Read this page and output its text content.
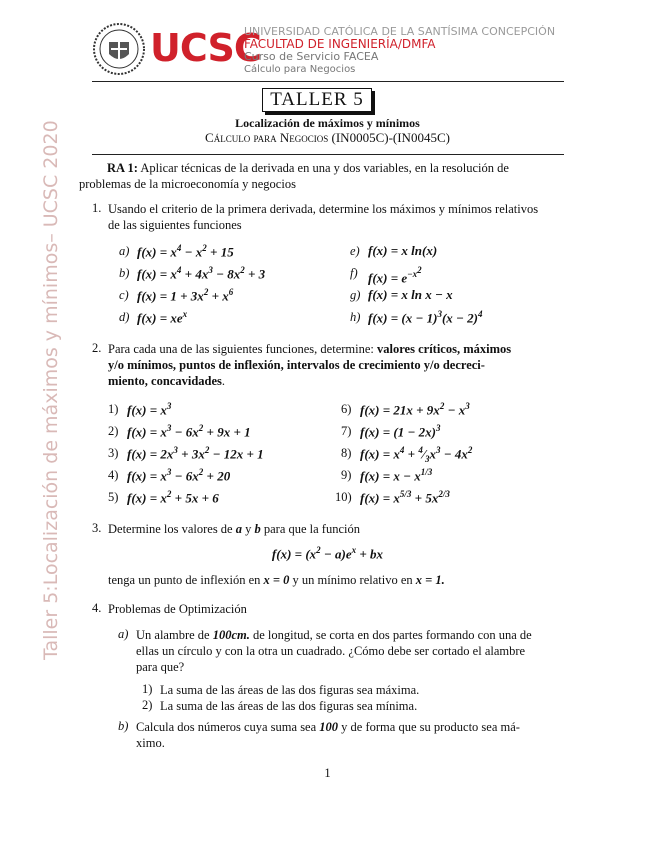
UCSC
UNIVERSIDAD CATÓLICA DE LA SANTÍSIMA CONCEPCIÓN
FACULTAD DE INGENIERÍA/DMFA
Curso de Servicio FACEA
Cálculo para Negocios
Taller 5:Localización de máximos y mínimos– UCSC 2020
TALLER 5
Localización de máximos y mínimos
Cálculo para Negocios (IN0005C)-(IN0045C)
RA 1: Aplicar técnicas de la derivada en una y dos variables, en la resolución de
problemas de la microeconomía y negocios
1. Usando el criterio de la primera derivada, determine los máximos y mínimos relativos
de las siguientes funciones
a) $f(x) = x^4 - x^2 + 15$
b) $f(x) = x^4 + 4x^3 - 8x^2 + 3$
c) $f(x) = 1 + 3x^2 + x^6$
d) $f(x) = xe^x$
e) f(x) = x ln(x)
f) $f(x) = e^{-x^2}$
g) f(x) = x ln x − x
h) $f(x) = (x - 1)^3(x - 2)^4$
2. Para cada una de las siguientes funciones, determine: valores críticos, máximos
y/o mínimos, puntos de inflexión, intervalos de crecimiento y/o decreci-
miento, concavidades.
1) $f(x) = x^3$
2) $f(x) = x^3 - 6x^2 + 9x + 1$
3) $f(x) = 2x^3 + 3x^2 - 12x + 1$
4) $f(x) = x^3 - 6x^2 + 20$
5) $f(x) = x^2 + 5x + 6$
6) $f(x) = 21x + 9x^2 - x^3$
7) $f(x) = (1 - 2x)^3$
8) $f(x) = x^4$ + $^4⁄_3x^3 - 4x^2$
9) $f(x) = x - x^{1/3}$
10) $f(x) = x^{5/3} + 5x^{2/3}$
3. Determine los valores de a y b para que la función
$f(x) = (x^2 - a)e^x$ + bx
tenga un punto de inflexión en x = 0 y un mínimo relativo en x = 1.
4. Problemas de Optimización
a) Un alambre de 100cm. de longitud, se corta en dos partes formando con una de
ellas un círculo y con la otra un cuadrado. ¿Cómo debe ser cortado el alambre
para que?
1) La suma de las áreas de las dos figuras sea máxima.
2) La suma de las áreas de las dos figuras sea mínima.
b) Calcula dos números cuya suma sea 100 y de forma que su producto sea má-
ximo.
1
